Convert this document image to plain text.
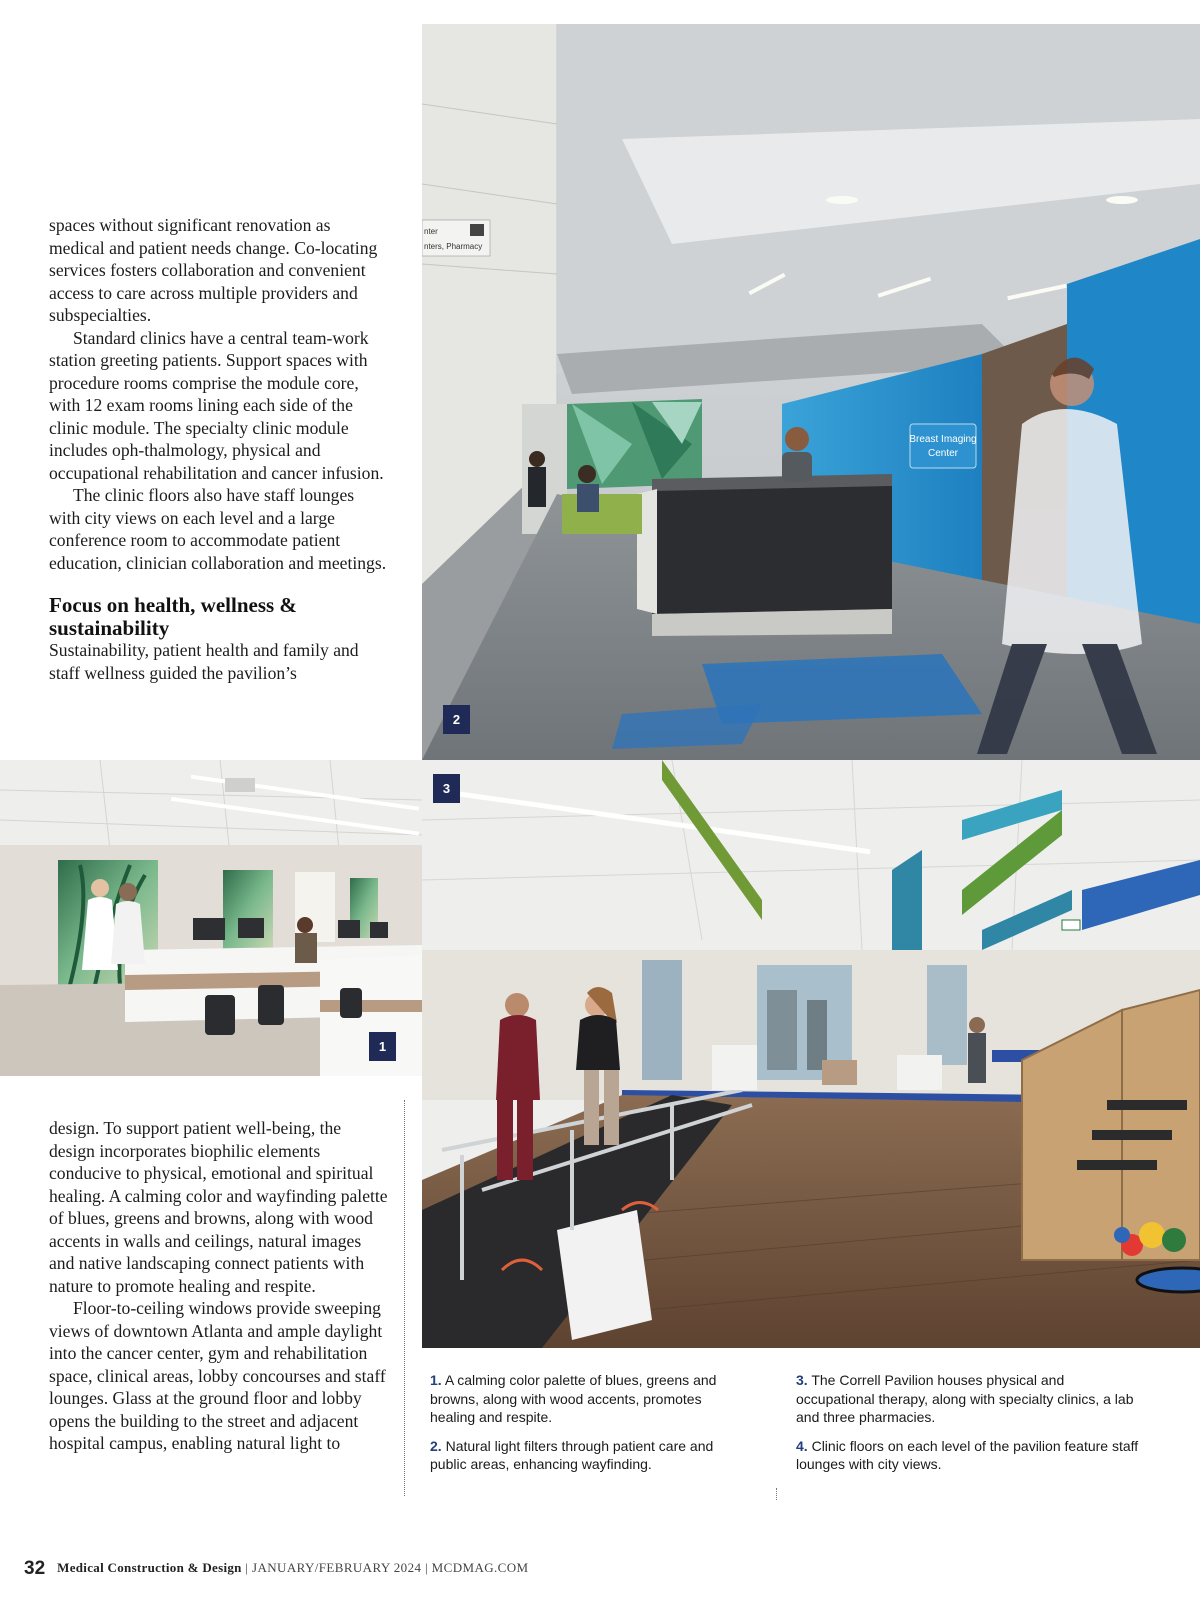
spaces without significant renovation as medical and patient needs change. Co-locating services fosters collaboration and convenient access to care across multiple providers and subspecialties.

Standard clinics have a central team-work station greeting patients. Support spaces with procedure rooms comprise the module core, with 12 exam rooms lining each side of the clinic module. The specialty clinic module includes oph-thalmology, physical and occupational rehabilitation and cancer infusion.

The clinic floors also have staff lounges with city views on each level and a large conference room to accommodate patient education, clinician collaboration and meetings.

Focus on health, wellness & sustainability

Sustainability, patient health and family and staff wellness guided the pavilion’s

nter
nters, Pharmacy
Breast Imaging
Center
2
1
3

design. To support patient well-being, the design incorporates biophilic elements conducive to physical, emotional and spiritual healing. A calming color and wayfinding palette of blues, greens and browns, along with wood accents in walls and ceilings, natural images and native landscaping connect patients with nature to promote healing and respite.

Floor-to-ceiling windows provide sweeping views of downtown Atlanta and ample daylight into the cancer center, gym and rehabilitation space, clinical areas, lobby concourses and staff lounges. Glass at the ground floor and lobby opens the building to the street and adjacent hospital campus, enabling natural light to

1. A calming color palette of blues, greens and browns, along with wood accents, promotes healing and respite.
2. Natural light filters through patient care and public areas, enhancing wayfinding.
3. The Correll Pavilion houses physical and occupational therapy, along with specialty clinics, a lab and three pharmacies.
4. Clinic floors on each level of the pavilion feature staff lounges with city views.
32 Medical Construction & Design | JANUARY/FEBRUARY 2024 | MCDMAG.COM
